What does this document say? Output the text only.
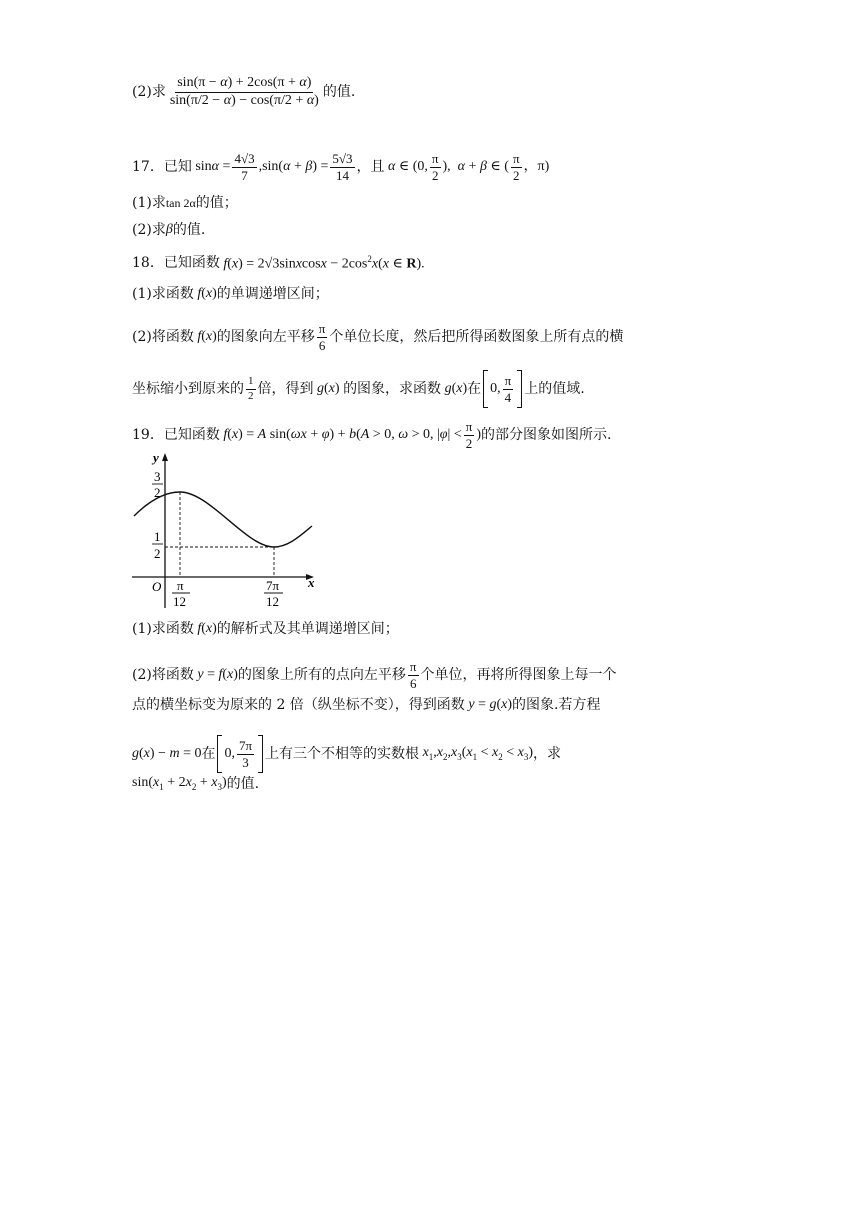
(2)求 $\frac{\sin(\pi - \alpha) + 2\cos(\pi + \alpha)}{\sin(\pi/2 - \alpha) - \cos(\pi/2 + \alpha)}$ 的值.
17． 已知 $\sin\alpha = \frac{4√3}{7} ,\sin(\alpha + \beta) = \frac{5√3}{14}$ ，且 α ∈ (0, $\frac{\pi}{2}$ ),  α + β ∈ ( $\frac{\pi}{2}$ ，π)
(1)求 tan 2α 的值；
(2)求 β 的值.
18． 已知函数 f(x) = 2√3sinxcosx − $2\cos^2x(x$ ∈ R).
(1)求函数 f(x) 的单调递增区间；
(2)将函数 f(x) 的图象向左平移 $\frac{\pi}{6}$ 个单位长度，然后把所得函数图象上所有点的横
坐标缩小到原来的 $\frac{1}{2}$ 倍，得到 g(x) 的图象，求函数 g(x) 在 0, $\frac{\pi}{4}$ 上的值域.
19． 已知函数 f(x) = A sin(ωx + φ) + b(A > 0, ω > 0, $|\varphi| < \frac{\pi}{2}$ ) 的部分图象如图所示.
y
x
O
3
2
1
2
π
12
7π
12
(1)求函数 f(x) 的解析式及其单调递增区间；
(2)将函数 y = f(x) 的图象上所有的点向左平移 $\frac{\pi}{6}$ 个单位，再将所得图象上每一个
点的横坐标变为原来的 2 倍（纵坐标不变），得到函数 y = g(x) 的图象.若方程
g(x) − m = 0 在 0, $\frac{7\pi}{3}$ 上有三个不相等的实数根 $x_1,x_2,x_3(x_1 < x_2 < x_3)$ ，求
$\sin(x_1 + 2x_2 + x_3)$ 的值.
